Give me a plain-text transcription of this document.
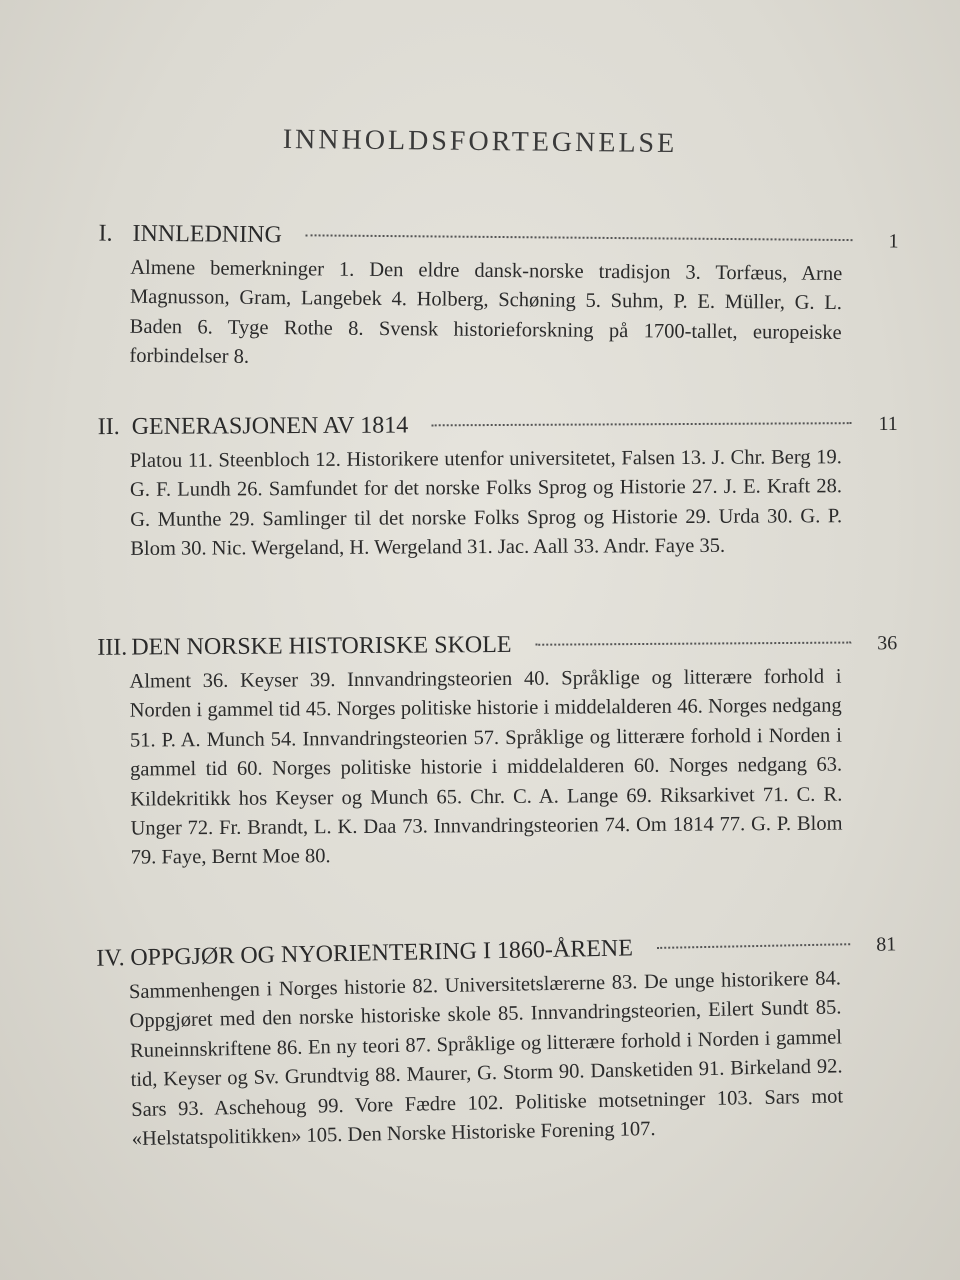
INNHOLDSFORTEGNELSE
I. INNLEDNING	1
Almene bemerkninger 1. Den eldre dansk-norske tradisjon 3. Torfæus, Arne Magnusson, Gram, Langebek 4. Holberg, Schøning 5. Suhm, P. E. Müller, G. L. Baden 6. Tyge Rothe 8. Svensk historieforskning på 1700-tallet, europeiske forbindelser 8.
II. GENERASJONEN AV 1814	11
Platou 11. Steenbloch 12. Historikere utenfor universitetet, Falsen 13. J. Chr. Berg 19. G. F. Lundh 26. Samfundet for det norske Folks Sprog og Historie 27. J. E. Kraft 28. G. Munthe 29. Samlinger til det norske Folks Sprog og Historie 29. Urda 30. G. P. Blom 30. Nic. Wergeland, H. Wergeland 31. Jac. Aall 33. Andr. Faye 35.
III. DEN NORSKE HISTORISKE SKOLE	36
Alment 36. Keyser 39. Innvandringsteorien 40. Språklige og litterære forhold i Norden i gammel tid 45. Norges politiske historie i middelalderen 46. Norges nedgang 51. P. A. Munch 54. Innvandringsteorien 57. Språklige og litterære forhold i Norden i gammel tid 60. Norges politiske historie i middelalderen 60. Norges nedgang 63. Kildekritikk hos Keyser og Munch 65. Chr. C. A. Lange 69. Riksarkivet 71. C. R. Unger 72. Fr. Brandt, L. K. Daa 73. Innvandringsteorien 74. Om 1814 77. G. P. Blom 79. Faye, Bernt Moe 80.
IV. OPPGJØR OG NYORIENTERING I 1860-ÅRENE	81
Sammenhengen i Norges historie 82. Universitetslærerne 83. De unge historikere 84. Oppgjøret med den norske historiske skole 85. Innvandringsteorien, Eilert Sundt 85. Runeinnskriftene 86. En ny teori 87. Språklige og litterære forhold i Norden i gammel tid, Keyser og Sv. Grundtvig 88. Maurer, G. Storm 90. Dansketiden 91. Birkeland 92. Sars 93. Aschehoug 99. Vore Fædre 102. Politiske motsetninger 103. Sars mot «Helstatspolitikken» 105. Den Norske Historiske Forening 107.
